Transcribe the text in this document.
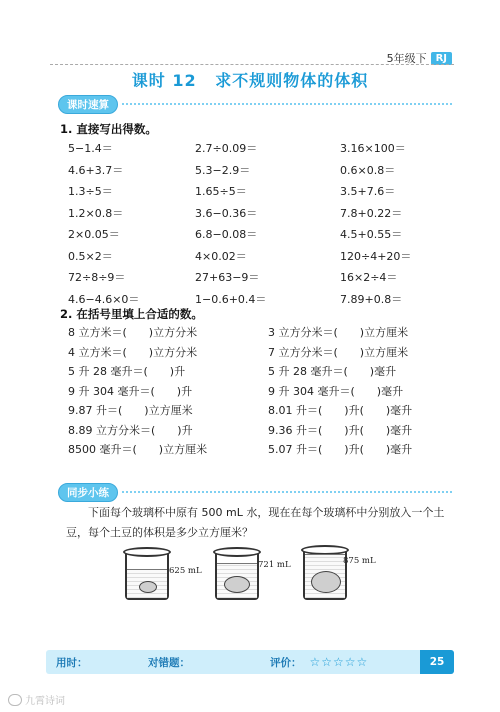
5年级下 RJ
课时 12 求不规则物体的体积
课时速算
1. 直接写出得数。
5−1.4＝	2.7÷0.09＝	3.16×100＝
4.6+3.7＝	5.3−2.9＝	0.6×0.8＝
1.3÷5＝	1.65÷5＝	3.5+7.6＝
1.2×0.8＝	3.6−0.36＝	7.8+0.22＝
2×0.05＝	6.8−0.08＝	4.5+0.55＝
0.5×2＝	4×0.02＝	120÷4+20＝
72÷8÷9＝	27+63−9＝	16×2÷4＝
4.6−4.6×0＝	1−0.6+0.4＝	7.89+0.8＝
2. 在括号里填上合适的数。
8 立方米＝(　　)立方分米	3 立方分米＝(　　)立方厘米
4 立方米＝(　　)立方分米	7 立方分米＝(　　)立方厘米
5 升 28 毫升＝(　　)升	5 升 28 毫升＝(　　)毫升
9 升 304 毫升＝(　　)升	9 升 304 毫升＝(　　)毫升
9.87 升＝(　　)立方厘米	8.01 升＝(　　)升(　　)毫升
8.89 立方分米＝(　　)升	9.36 升＝(　　)升(　　)毫升
8500 毫升＝(　　)立方厘米	5.07 升＝(　　)升(　　)毫升
同步小练
下面每个玻璃杯中原有 500 mL 水，现在在每个玻璃杯中分别放入一个土豆，每个土豆的体积是多少立方厘米？
625 mL
721 mL	875 mL
用时：	对错题：	评价： ☆☆☆☆☆	25
九霄诗词
